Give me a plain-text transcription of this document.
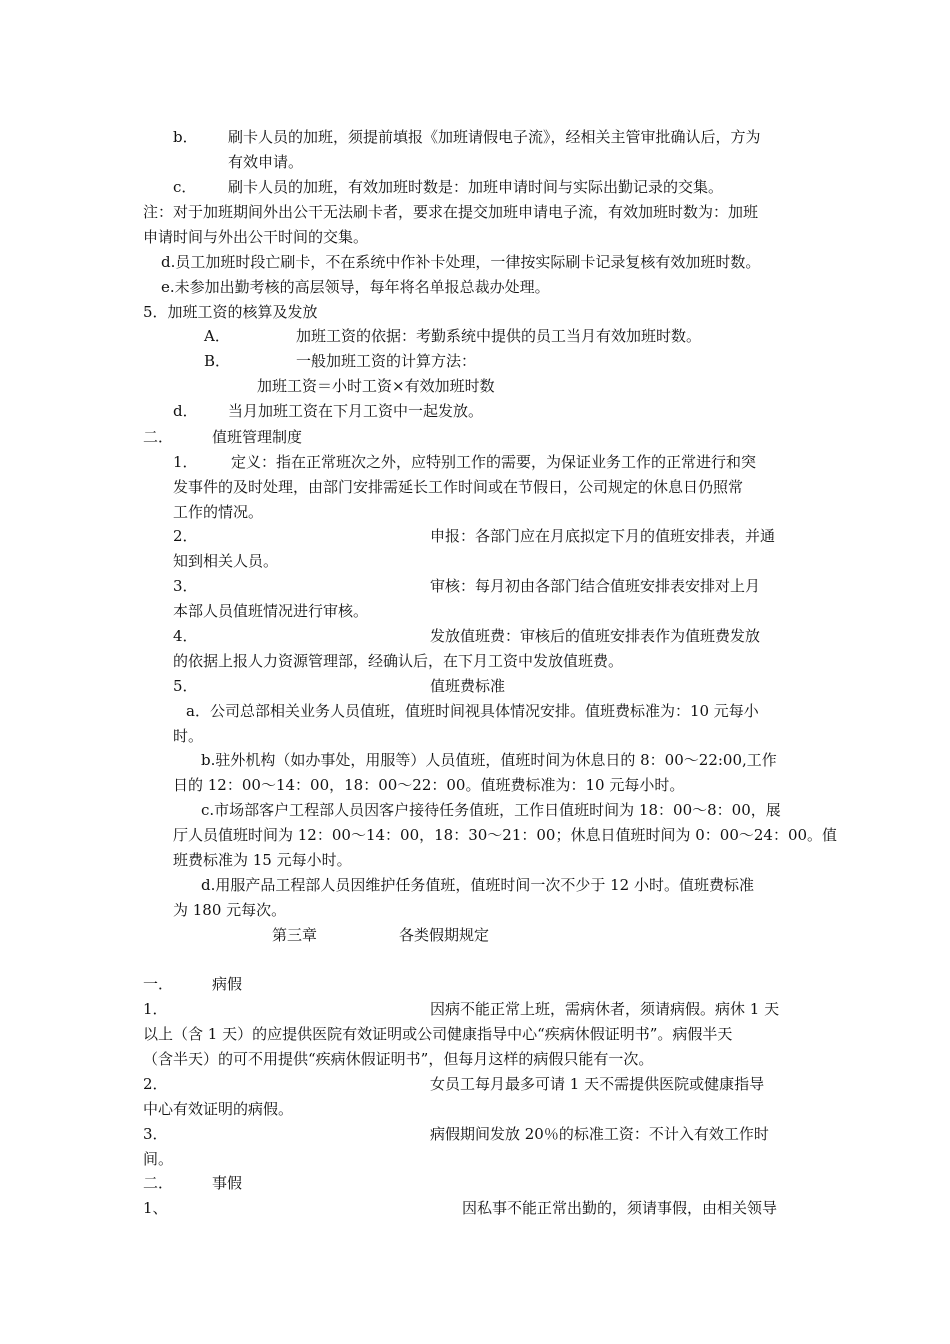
b． 刷卡人员的加班，须提前填报《加班请假电子流》，经相关主管审批确认后，方为
有效申请。
c． 刷卡人员的加班，有效加班时数是：加班申请时间与实际出勤记录的交集。
注：对于加班期间外出公干无法刷卡者，要求在提交加班申请电子流，有效加班时数为：加班
申请时间与外出公干时间的交集。
d.员工加班时段亡刷卡，不在系统中作补卡处理，一律按实际刷卡记录复核有效加班时数。
e.未参加出勤考核的高层领导，每年将名单报总裁办处理。
5．加班工资的核算及发放
A．	加班工资的依据：考勤系统中提供的员工当月有效加班时数。
B．	一般加班工资的计算方法：
加班工资＝小时工资×有效加班时数
d． 当月加班工资在下月工资中一起发放。
二．	值班管理制度
1． 定义：指在正常班次之外，应特别工作的需要，为保证业务工作的正常进行和突
发事件的及时处理，由部门安排需延长工作时间或在节假日，公司规定的休息日仍照常
工作的情况。
2．	申报：各部门应在月底拟定下月的值班安排表，并通
知到相关人员。
3．	审核：每月初由各部门结合值班安排表安排对上月
本部人员值班情况进行审核。
4．	发放值班费：审核后的值班安排表作为值班费发放
的依据上报人力资源管理部，经确认后，在下月工资中发放值班费。
5．	值班费标准
a．公司总部相关业务人员值班，值班时间视具体情况安排。值班费标准为：10 元每小
时。
b.驻外机构（如办事处，用服等）人员值班，值班时间为休息日的 8：00～22:00,工作
日的 12：00～14：00，18：00～22：00。值班费标准为：10 元每小时。
c.市场部客户工程部人员因客户接待任务值班，工作日值班时间为 18：00～8：00，展
厅人员值班时间为 12：00～14：00，18：30～21：00；休息日值班时间为 0：00～24：00。值
班费标准为 15 元每小时。
d.用服产品工程部人员因维护任务值班，值班时间一次不少于 12 小时。值班费标准
为 180 元每次。
第三章	各类假期规定
一．	病假
1．	因病不能正常上班，需病休者，须请病假。病休 1 天
以上（含 1 天）的应提供医院有效证明或公司健康指导中心“疾病休假证明书”。病假半天
（含半天）的可不用提供“疾病休假证明书”，但每月这样的病假只能有一次。
2．	女员工每月最多可请 1 天不需提供医院或健康指导
中心有效证明的病假。
3．	病假期间发放 20％的标准工资：不计入有效工作时
间。
二．	事假
1、	因私事不能正常出勤的，须请事假，由相关领导
